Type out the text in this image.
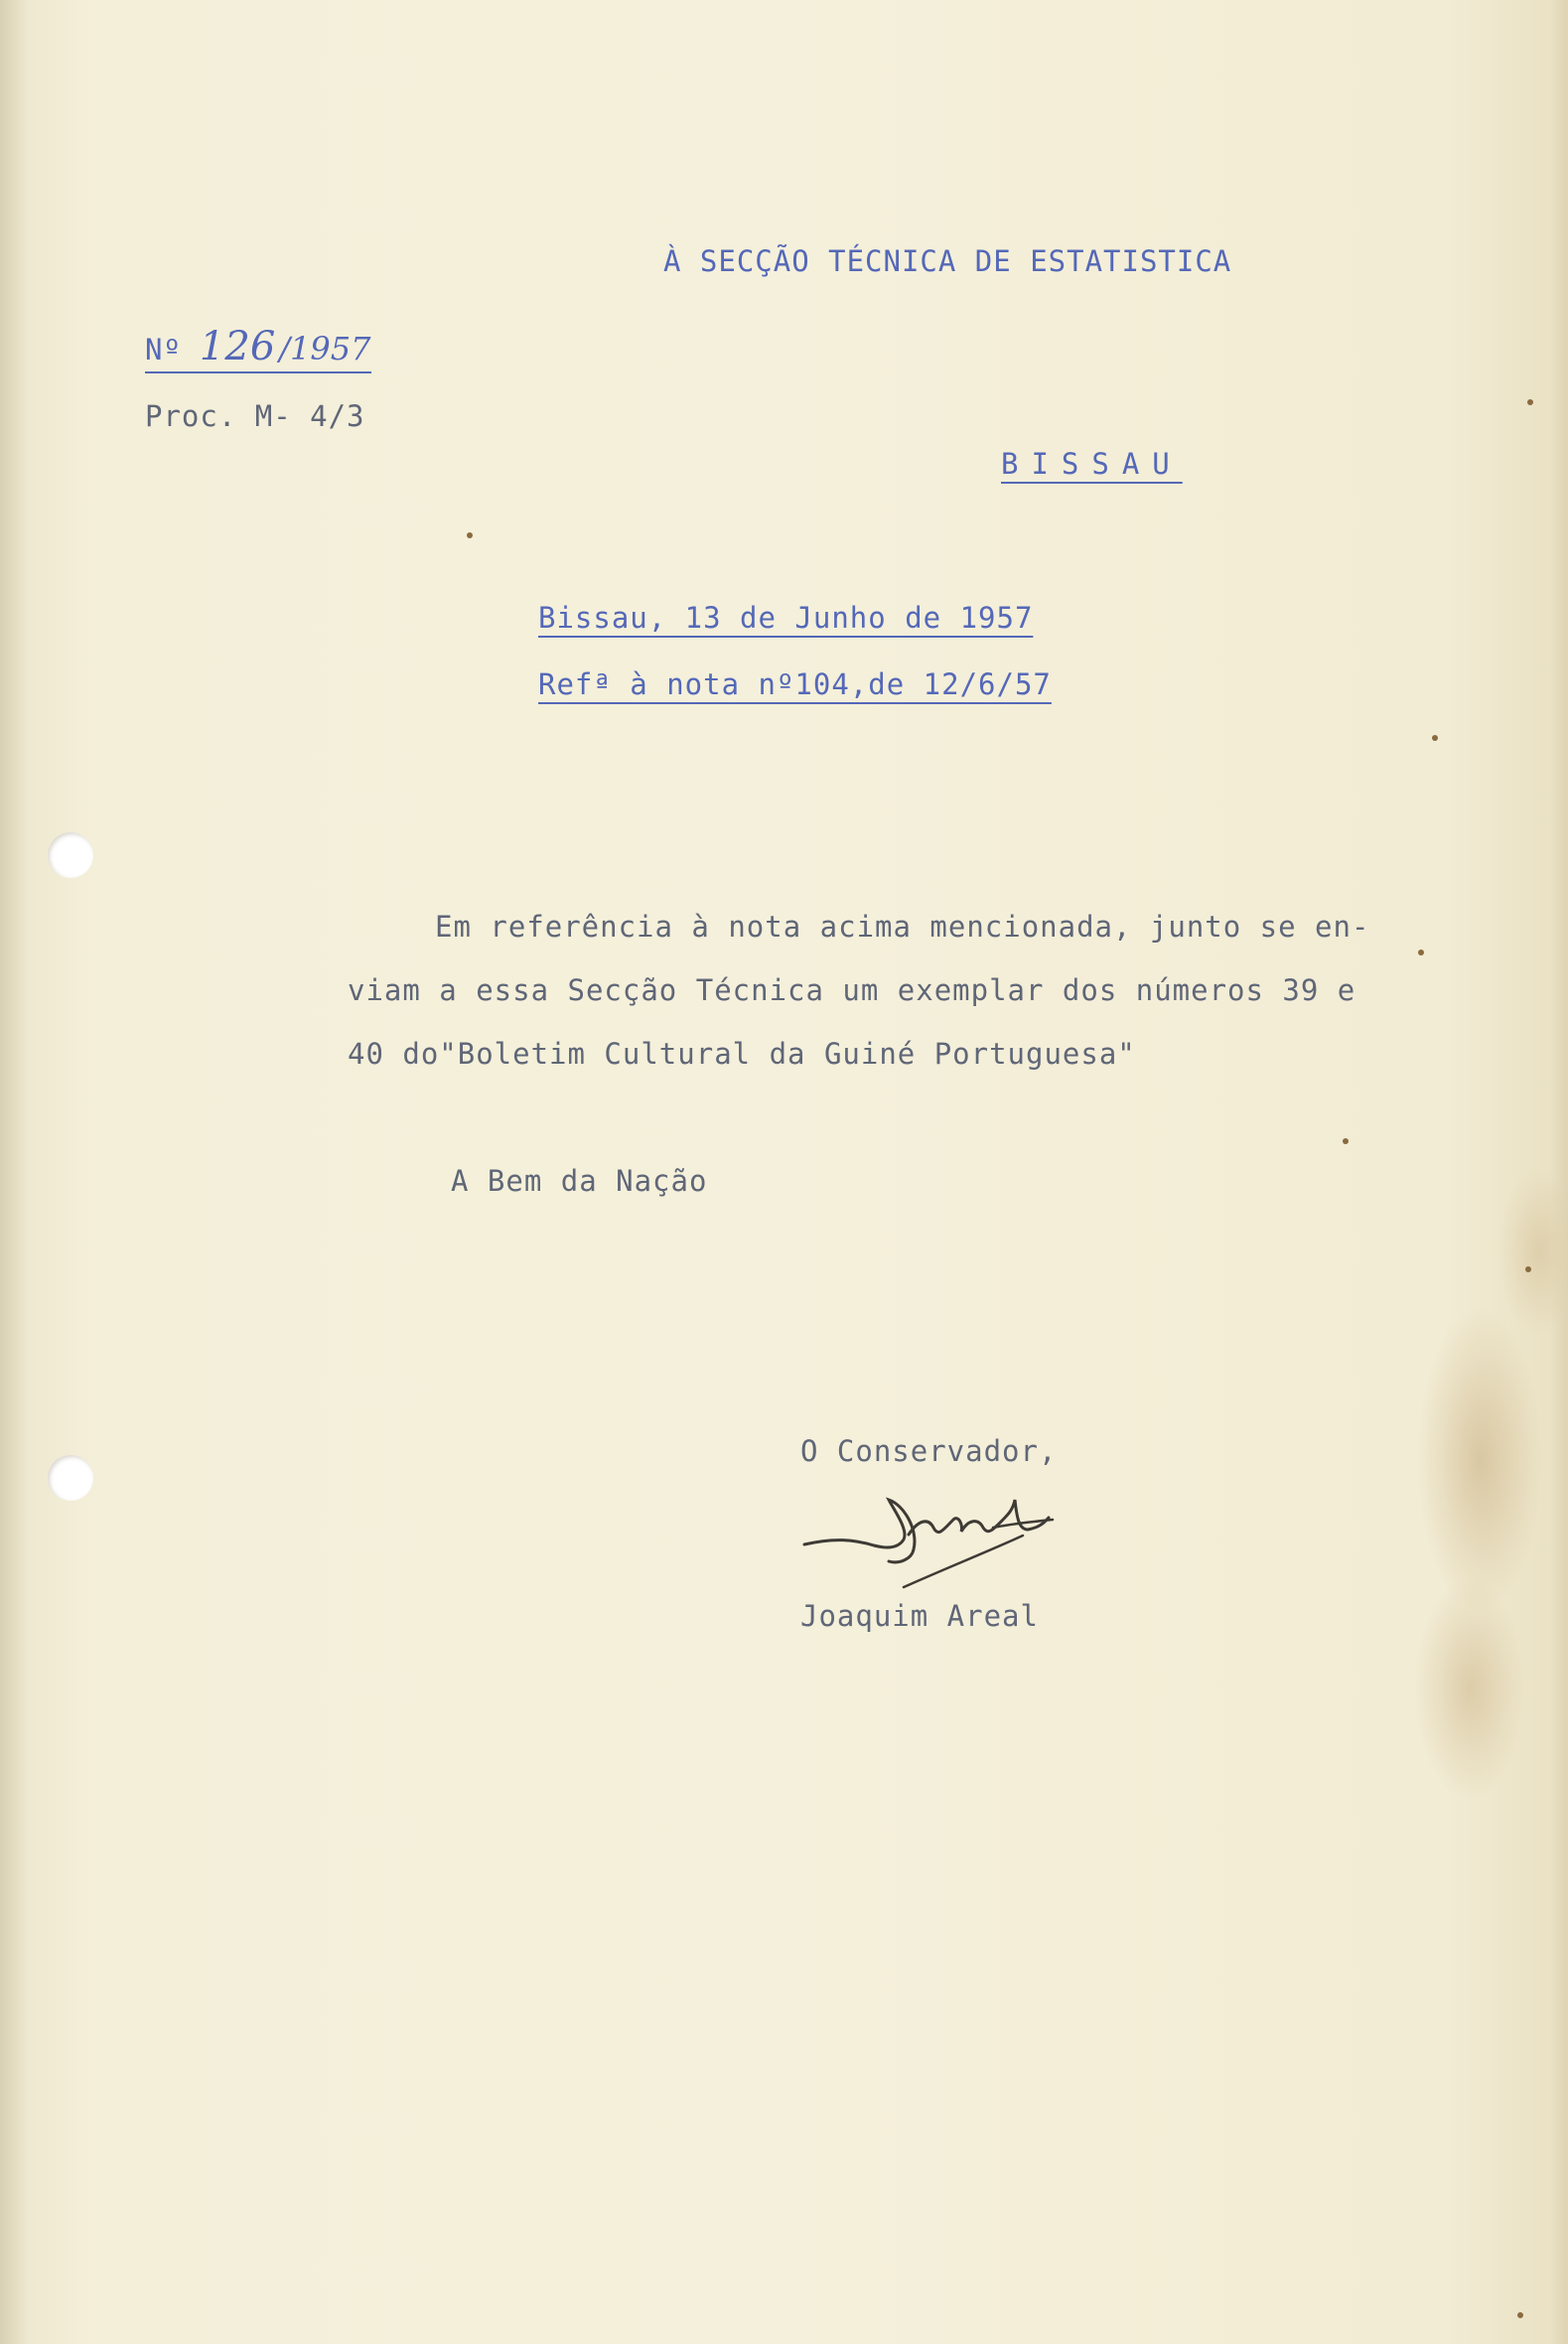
À SECÇÃO TÉCNICA DE ESTATISTICA
Nº 126 /1957
Proc. M- 4/3
BISSAU
Bissau, 13 de Junho de 1957
Refª à nota nº104,de 12/6/57
Em referência à nota acima mencionada, junto se en-
viam a essa Secção Técnica um exemplar dos números 39 e
40 do"Boletim Cultural da Guiné Portuguesa"
A Bem da Nação
O Conservador,
Joaquim Areal
